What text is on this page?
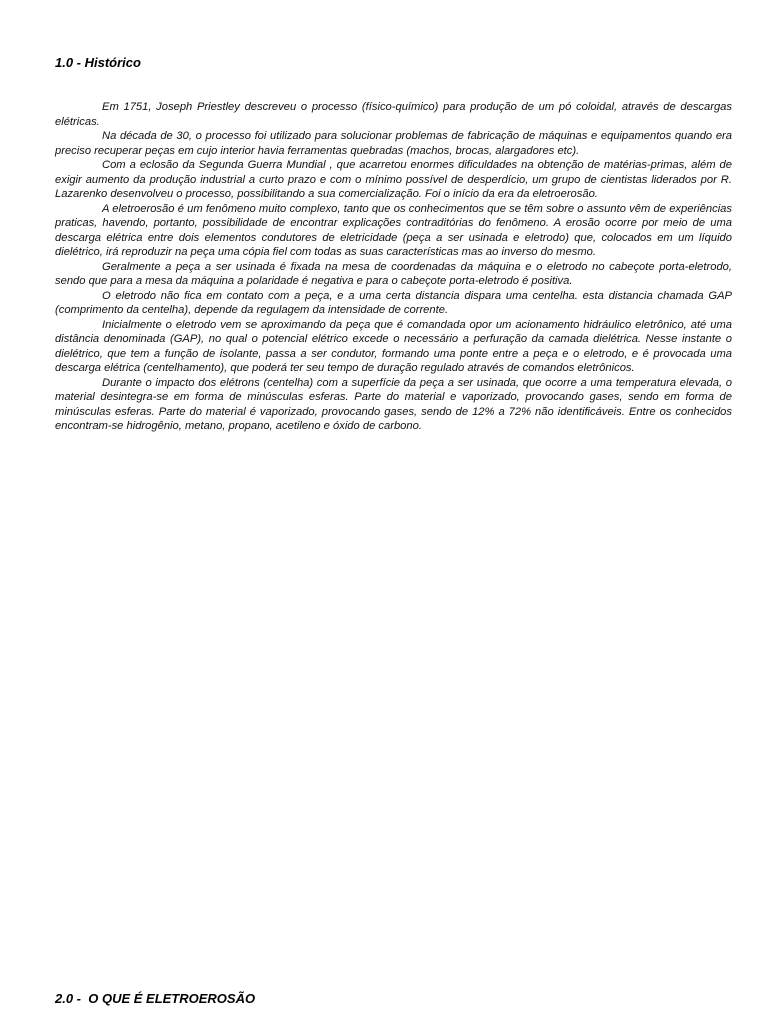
1.0 - Histórico

Em 1751, Joseph Priestley descreveu o processo (físico-químico) para produção de um pó coloidal, através de descargas elétricas.

Na década de 30, o processo foi utilizado para solucionar problemas de fabricação de máquinas e equipamentos quando era preciso recuperar peças em cujo interior havia ferramentas quebradas (machos, brocas, alargadores etc).

Com a eclosão da Segunda Guerra Mundial , que acarretou enormes dificuldades na obtenção de matérias-primas, além de exigir aumento da produção industrial a curto prazo e com o mínimo possível de desperdício, um grupo de cientistas liderados por R. Lazarenko desenvolveu o processo, possibilitando a sua comercialização. Foi o início da era da eletroerosão.

A eletroerosão é um fenômeno muito complexo, tanto que os conhecimentos que se têm sobre o assunto vêm de experiências praticas, havendo, portanto, possibilidade de encontrar explicações contraditórias do fenômeno. A erosão ocorre por meio de uma descarga elétrica entre dois elementos condutores de eletricidade (peça a ser usinada e eletrodo) que, colocados em um líquido dielétrico, irá reproduzir na peça uma cópia fiel com todas as suas características mas ao inverso do mesmo.

Geralmente a peça a ser usinada é fixada na mesa de coordenadas da máquina e o eletrodo no cabeçote porta-eletrodo, sendo que para a mesa da máquina a polaridade é negativa e para o cabeçote porta-eletrodo é positiva.

O eletrodo não fica em contato com a peça, e a uma certa distancia dispara uma centelha. esta distancia chamada GAP (comprimento da centelha), depende da regulagem da intensidade de corrente.

Inicialmente o eletrodo vem se aproximando da peça que é comandada opor um acionamento hidráulico eletrônico, até uma distância denominada (GAP), no qual o potencial elétrico excede o necessário a perfuração da camada dielétrica. Nesse instante o dielétrico, que tem a função de isolante, passa a ser condutor, formando uma ponte entre a peça e o eletrodo, e é provocada uma descarga elétrica (centelhamento), que poderá ter seu tempo de duração regulado através de comandos eletrônicos.

Durante o impacto dos elétrons (centelha) com a superfície da peça a ser usinada, que ocorre a uma temperatura elevada, o material desintegra-se em forma de minúsculas esferas. Parte do material e vaporizado, provocando gases, sendo em forma de minúsculas esferas. Parte do material é vaporizado, provocando gases, sendo de 12% a 72% não identificáveis. Entre os conhecidos encontram-se hidrogênio, metano, propano, acetileno e óxido de carbono.

2.0 -  O QUE É ELETROEROSÃO
